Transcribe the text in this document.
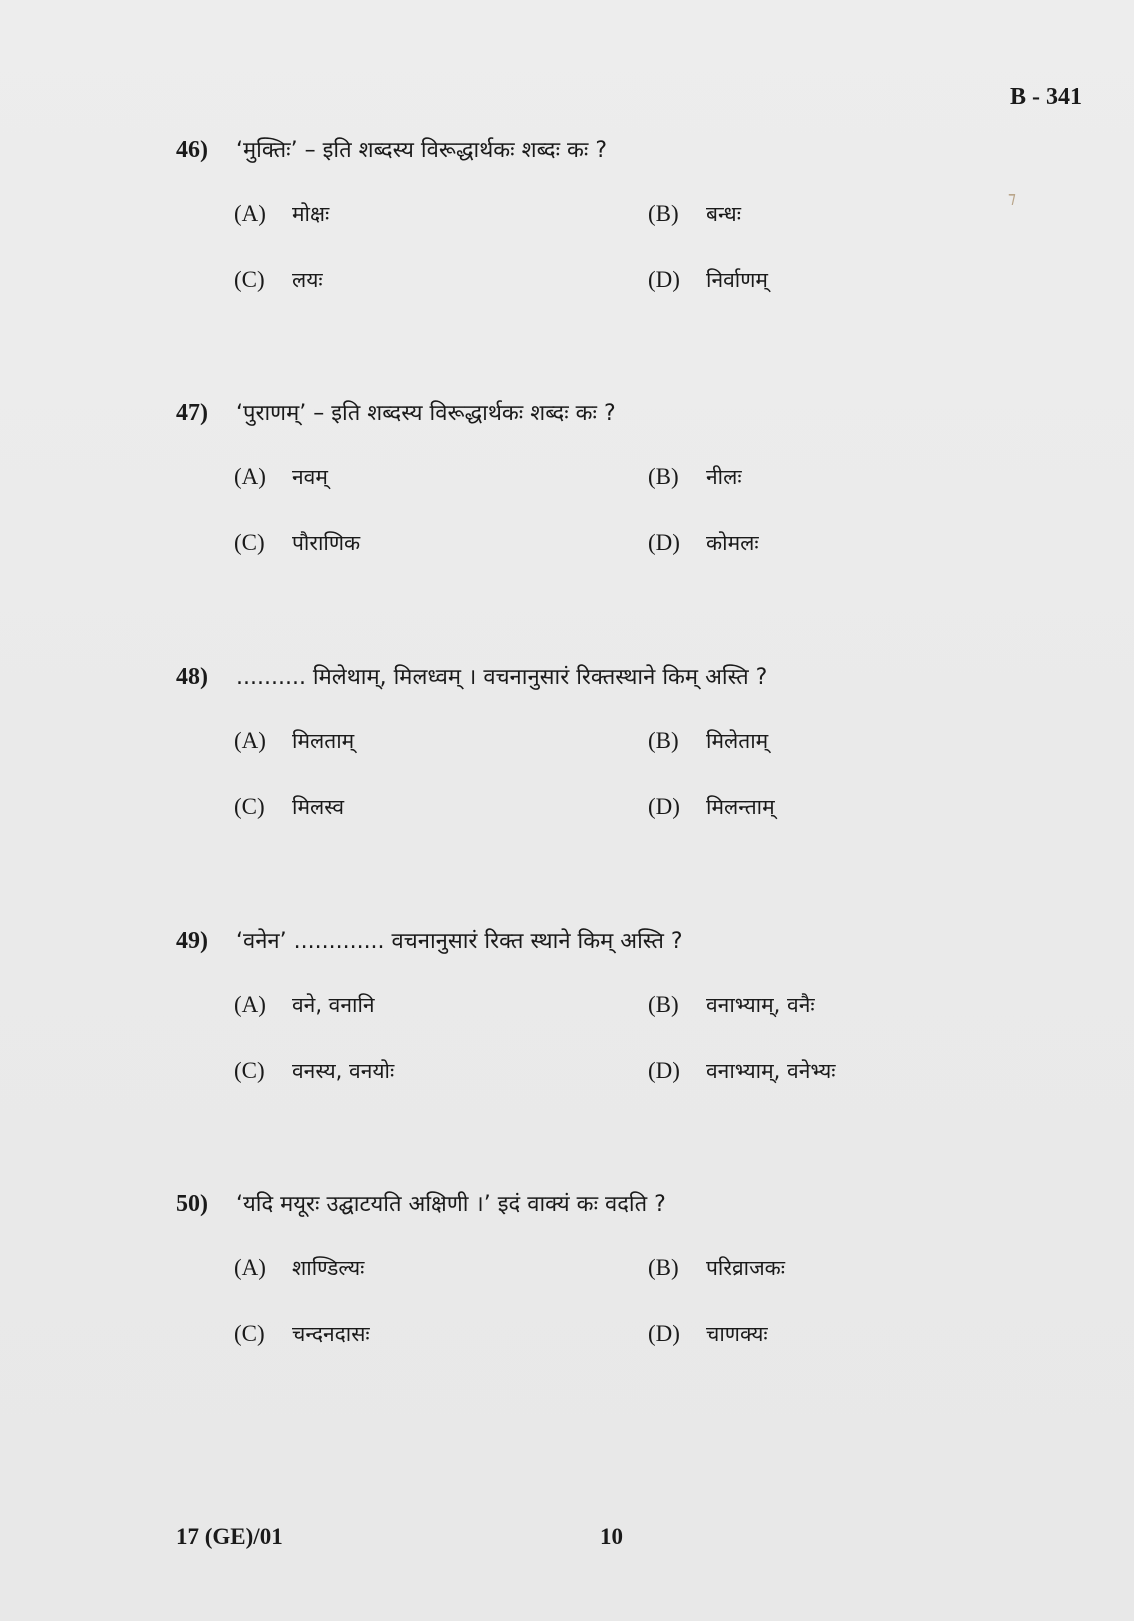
B - 341
⁊
46) ‘मुक्तिः’ – इति शब्दस्य विरूद्धार्थकः शब्दः कः ?
(A) मोक्षः	(B) बन्धः
(C) लयः	(D) निर्वाणम्
47) ‘पुराणम्’ – इति शब्दस्य विरूद्धार्थकः शब्दः कः ?
(A) नवम्	(B) नीलः
(C) पौराणिक	(D) कोमलः
48) .......... मिलेथाम्, मिलध्वम् । वचनानुसारं रिक्तस्थाने किम् अस्ति ?
(A) मिलताम्	(B) मिलेताम्
(C) मिलस्व	(D) मिलन्ताम्
49) ‘वनेन’ ............. वचनानुसारं रिक्त स्थाने किम् अस्ति ?
(A) वने, वनानि	(B) वनाभ्याम्, वनैः
(C) वनस्य, वनयोः	(D) वनाभ्याम्, वनेभ्यः
50) ‘यदि मयूरः उद्घाटयति अक्षिणी ।’ इदं वाक्यं कः वदति ?
(A) शाण्डिल्यः	(B) परिव्राजकः
(C) चन्दनदासः	(D) चाणक्यः
17 (GE)/01	10
